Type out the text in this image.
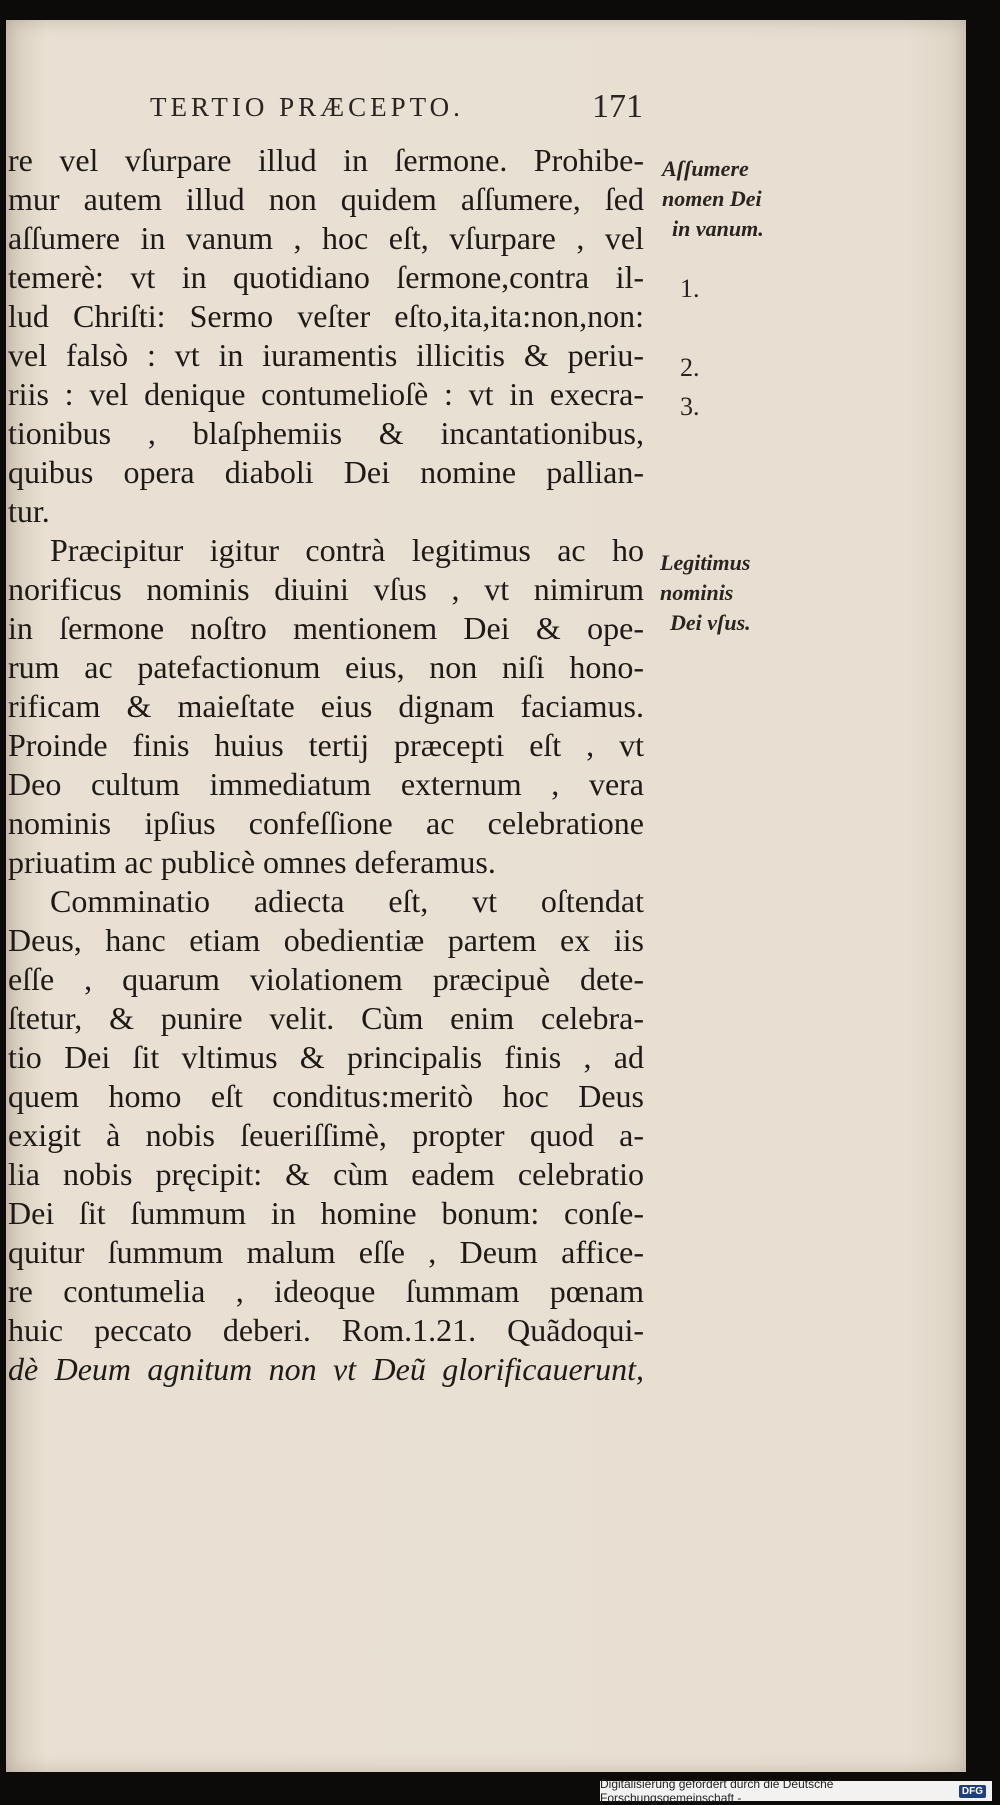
TERTIO PRÆCEPTO.	171
re vel vſurpare illud in ſermone. Prohibe-
mur autem illud non quidem aſſumere, ſed
aſſumere in vanum , hoc eſt, vſurpare , vel
temerè: vt in quotidiano ſermone,contra il-
lud Chriſti: Sermo veſter eſto,ita,ita:non,non:
vel falsò : vt in iuramentis illicitis & periu-
riis : vel denique contumelioſè : vt in execra-
tionibus , blaſphemiis & incantationibus,
quibus opera diaboli Dei nomine pallian-
tur.
Præcipitur igitur contrà legitimus ac ho
norificus nominis diuini vſus , vt nimirum
in ſermone noſtro mentionem Dei & ope-
rum ac patefactionum eius, non niſi hono-
rificam & maieſtate eius dignam faciamus.
Proinde finis huius tertij præcepti eſt , vt
Deo cultum immediatum externum , vera
nominis ipſius confeſſione ac celebratione
priuatim ac publicè omnes deferamus.
Comminatio adiecta eſt, vt oſtendat
Deus, hanc etiam obedientiæ partem ex iis
eſſe , quarum violationem præcipuè dete-
ſtetur, & punire velit. Cùm enim celebra-
tio Dei ſit vltimus & principalis finis , ad
quem homo eſt conditus:meritò hoc Deus
exigit à nobis ſeueriſſimè, propter quod a-
lia nobis pręcipit: & cùm eadem celebratio
Dei ſit ſummum in homine bonum: conſe-
quitur ſummum malum eſſe , Deum affice-
re contumelia , ideoque ſummam pœnam
huic peccato deberi. Rom.1.21. Quãdoqui-
dè Deum agnitum non vt Deũ glorificauerunt,
Aſſumere
nomen Dei
in vanum.
1.
2.
3.
Legitimus
nominis
Dei vſus.
Digitalisierung gefördert durch die Deutsche Forschungsgemeinschaft -	DFG
